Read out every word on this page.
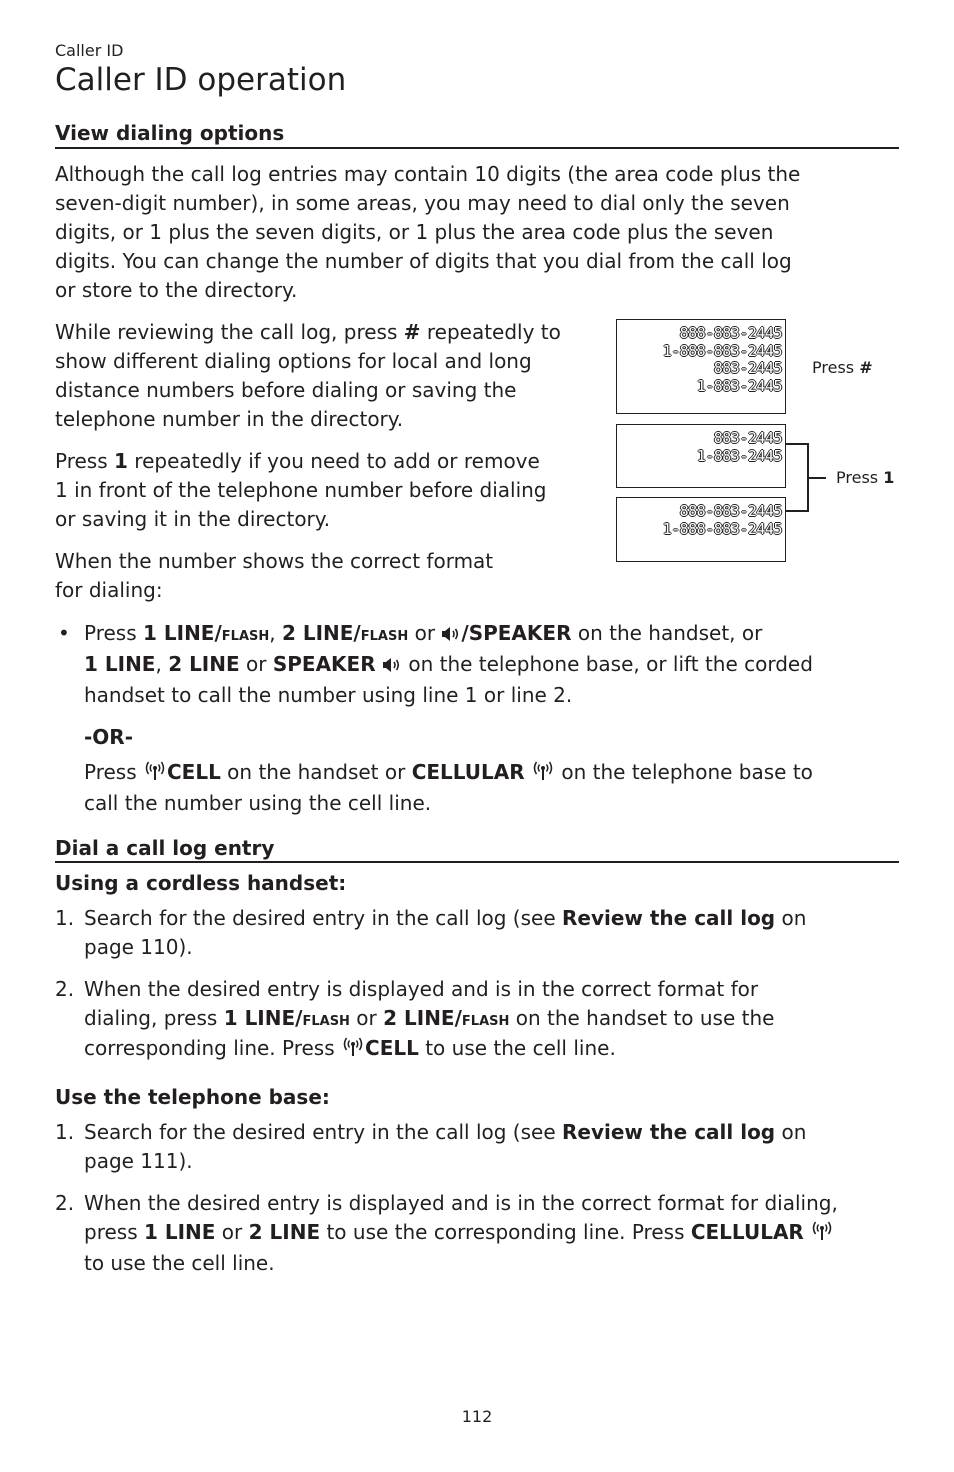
Caller ID
Caller ID operation
View dialing options
Although the call log entries may contain 10 digits (the area code plus the
seven-digit number), in some areas, you may need to dial only the seven
digits, or 1 plus the seven digits, or 1 plus the area code plus the seven
digits. You can change the number of digits that you dial from the call log
or store to the directory.
While reviewing the call log, press # repeatedly to
show different dialing options for local and long
distance numbers before dialing or saving the
telephone number in the directory.
Press 1 repeatedly if you need to add or remove
1 in front of the telephone number before dialing
or saving it in the directory.
When the number shows the correct format
for dialing:
888-883-2445
1-888-883-2445
883-2445
1-883-2445
Press #
883-2445
1-883-2445
888-883-2445
1-888-883-2445
Press 1
• Press 1 LINE/flash, 2 LINE/flash or /SPEAKER on the handset, or
1 LINE, 2 LINE or SPEAKER  on the telephone base, or lift the corded
handset to call the number using line 1 or line 2.
-OR-
Press CELL on the handset or CELLULAR  on the telephone base to
call the number using the cell line.
Dial a call log entry
Using a cordless handset:
1. Search for the desired entry in the call log (see Review the call log on
page 110).
2. When the desired entry is displayed and is in the correct format for
dialing, press 1 LINE/flash or 2 LINE/flash on the handset to use the
corresponding line. Press CELL to use the cell line.
Use the telephone base:
1. Search for the desired entry in the call log (see Review the call log on
page 111).
2. When the desired entry is displayed and is in the correct format for dialing,
press 1 LINE or 2 LINE to use the corresponding line. Press CELLULAR
to use the cell line.
112
